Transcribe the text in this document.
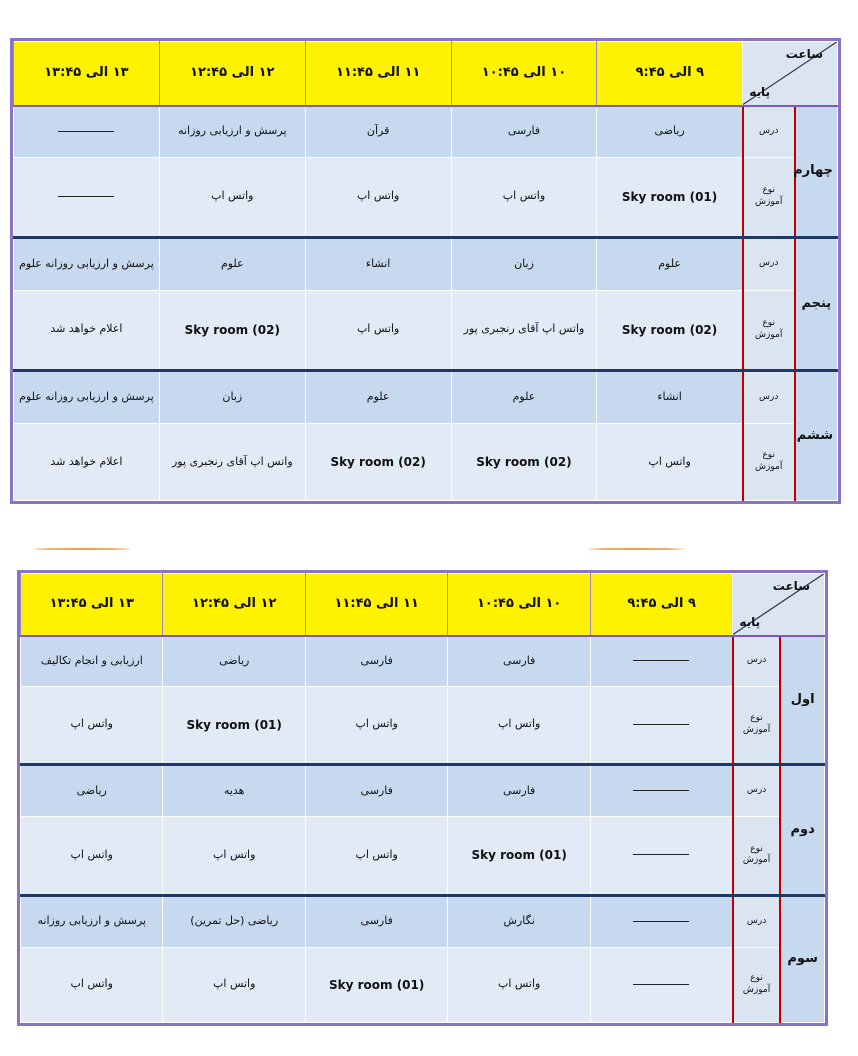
ساعت
پایه		۹ الی ۹:۴۵	۱۰ الی ۱۰:۴۵	۱۱ الی ۱۱:۴۵	۱۲ الی ۱۲:۴۵	۱۳ الی ۱۳:۴۵
چهارم	درس	ریاضی	فارسی	قرآن	پرسش و ارزیابی روزانه	
	نوع آموزش	Sky room (01)	واتس اپ	واتس اپ	واتس اپ	
پنجم	درس	علوم	زبان	انشاء	علوم	پرسش و ارزیابی روزانه علوم
	نوع آموزش	Sky room (02)	واتس اپ آقای رنجبری پور	واتس اپ	Sky room (02)	اعلام خواهد شد
ششم	درس	انشاء	علوم	علوم	زبان	پرسش و ارزیابی روزانه علوم
	نوع آموزش	واتس اپ	Sky room (02)	Sky room (02)	واتس اپ آقای رنجبری پور	اعلام خواهد شد
ساعت
پایه		۹ الی ۹:۴۵	۱۰ الی ۱۰:۴۵	۱۱ الی ۱۱:۴۵	۱۲ الی ۱۲:۴۵	۱۳ الی ۱۳:۴۵
اول	درس		فارسی	فارسی	ریاضی	ارزیابی و انجام تکالیف
	نوع آموزش		واتس اپ	واتس اپ	Sky room (01)	واتس اپ
دوم	درس		فارسی	فارسی	هدیه	ریاضی
	نوع آموزش		Sky room (01)	واتس اپ	واتس اپ	واتس اپ
سوم	درس		نگارش	فارسی	ریاضی (حل تمرین)	پرسش و ارزیابی روزانه
	نوع آموزش		واتس اپ	Sky room (01)	واتس اپ	واتس اپ
